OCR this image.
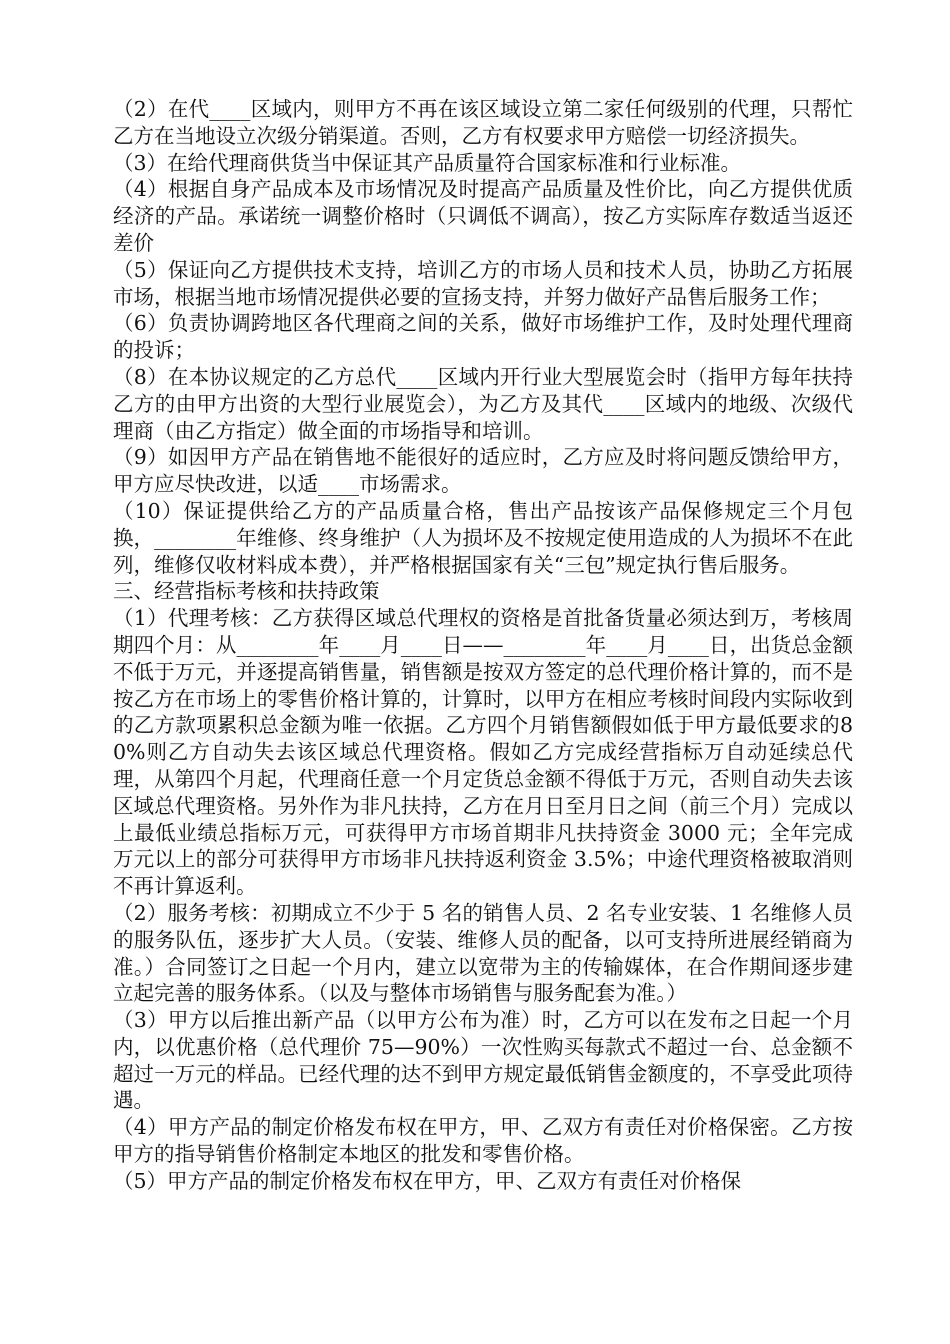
（2）在代____区域内，则甲方不再在该区域设立第二家任何级别的代理，只帮忙乙方在当地设立次级分销渠道。否则，乙方有权要求甲方赔偿一切经济损失。

（3）在给代理商供货当中保证其产品质量符合国家标准和行业标准。

（4）根据自身产品成本及市场情况及时提高产品质量及性价比，向乙方提供优质经济的产品。承诺统一调整价格时（只调低不调高），按乙方实际库存数适当返还差价

（5）保证向乙方提供技术支持，培训乙方的市场人员和技术人员，协助乙方拓展市场，根据当地市场情况提供必要的宣扬支持，并努力做好产品售后服务工作；

（6）负责协调跨地区各代理商之间的关系，做好市场维护工作，及时处理代理商的投诉；

（8）在本协议规定的乙方总代____区域内开行业大型展览会时（指甲方每年扶持乙方的由甲方出资的大型行业展览会），为乙方及其代____区域内的地级、次级代理商（由乙方指定）做全面的市场指导和培训。

（9）如因甲方产品在销售地不能很好的适应时，乙方应及时将问题反馈给甲方，甲方应尽快改进，以适____市场需求。

（10）保证提供给乙方的产品质量合格，售出产品按该产品保修规定三个月包换，________年维修、终身维护（人为损坏及不按规定使用造成的人为损坏不在此列，维修仅收材料成本费），并严格根据国家有关“三包”规定执行售后服务。

三、经营指标考核和扶持政策

（1）代理考核：乙方获得区域总代理权的资格是首批备货量必须达到万，考核周期四个月：从________年____月____日——________年____月____日，出货总金额不低于万元，并逐提高销售量，销售额是按双方签定的总代理价格计算的，而不是按乙方在市场上的零售价格计算的，计算时，以甲方在相应考核时间段内实际收到的乙方款项累积总金额为唯一依据。乙方四个月销售额假如低于甲方最低要求的80%则乙方自动失去该区域总代理资格。假如乙方完成经营指标万自动延续总代理，从第四个月起，代理商任意一个月定货总金额不得低于万元，否则自动失去该区域总代理资格。另外作为非凡扶持，乙方在月日至月日之间（前三个月）完成以上最低业绩总指标万元，可获得甲方市场首期非凡扶持资金 3000 元；全年完成万元以上的部分可获得甲方市场非凡扶持返利资金 3.5%；中途代理资格被取消则不再计算返利。

（2）服务考核：初期成立不少于 5 名的销售人员、2 名专业安装、1 名维修人员的服务队伍，逐步扩大人员。（安装、维修人员的配备，以可支持所进展经销商为准。）合同签订之日起一个月内，建立以宽带为主的传输媒体，在合作期间逐步建立起完善的服务体系。（以及与整体市场销售与服务配套为准。）

（3）甲方以后推出新产品（以甲方公布为准）时，乙方可以在发布之日起一个月内，以优惠价格（总代理价 75—90%）一次性购买每款式不超过一台、总金额不超过一万元的样品。已经代理的达不到甲方规定最低销售金额度的，不享受此项待遇。

（4）甲方产品的制定价格发布权在甲方，甲、乙双方有责任对价格保密。乙方按甲方的指导销售价格制定本地区的批发和零售价格。

（5）甲方产品的制定价格发布权在甲方，甲、乙双方有责任对价格保
